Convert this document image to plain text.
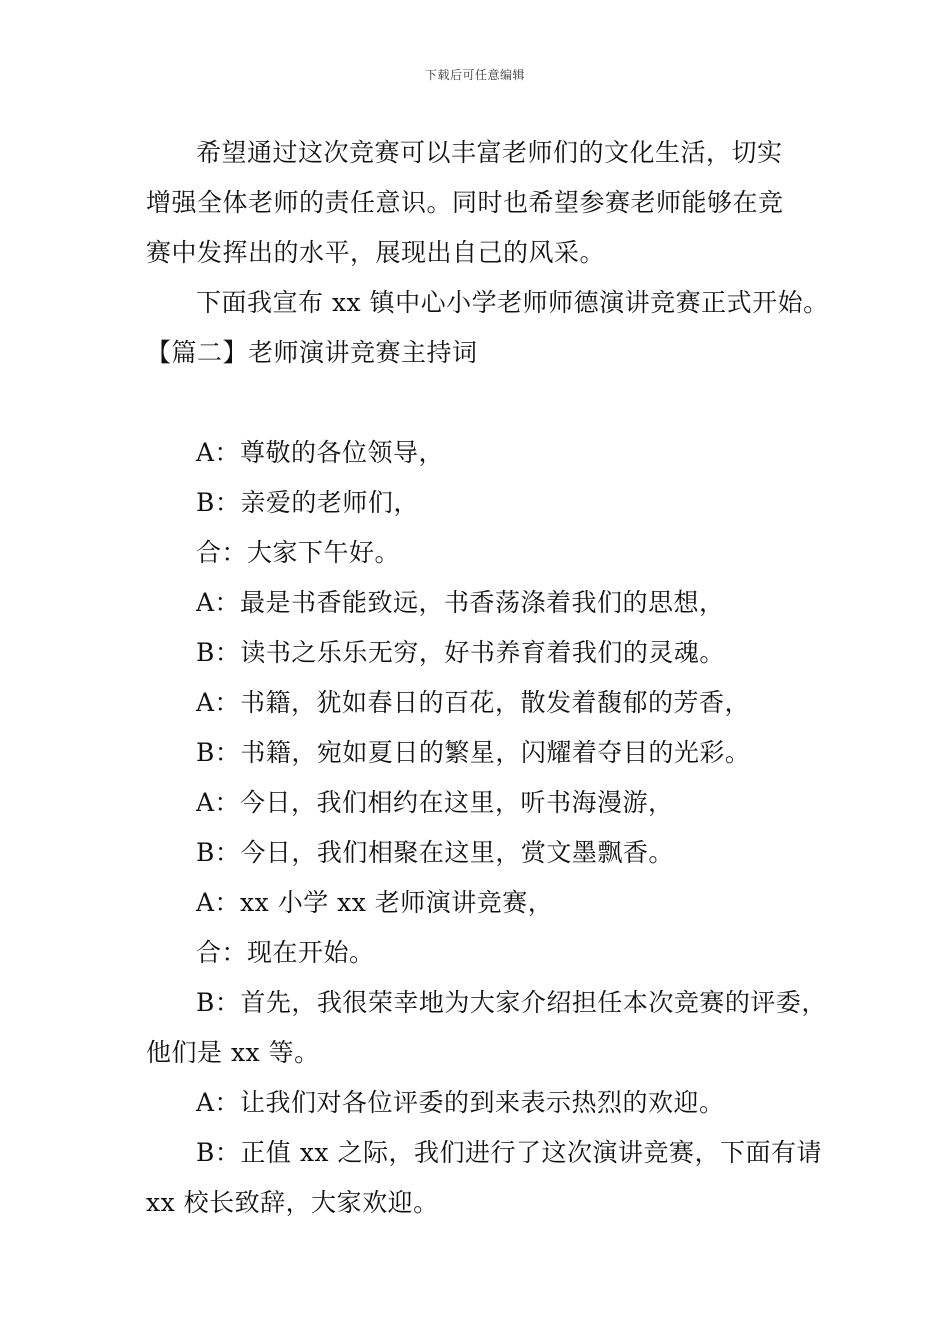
下载后可任意编辑
希望通过这次竞赛可以丰富老师们的文化生活，切实
增强全体老师的责任意识。同时也希望参赛老师能够在竞
赛中发挥出的水平，展现出自己的风采。
下面我宣布 xx 镇中心小学老师师德演讲竞赛正式开始。
【篇二】老师演讲竞赛主持词
A：尊敬的各位领导，
B：亲爱的老师们，
合：大家下午好。
A：最是书香能致远，书香荡涤着我们的思想，
B：读书之乐乐无穷，好书养育着我们的灵魂。
A：书籍，犹如春日的百花，散发着馥郁的芳香，
B：书籍，宛如夏日的繁星，闪耀着夺目的光彩。
A：今日，我们相约在这里，听书海漫游，
B：今日，我们相聚在这里，赏文墨飘香。
A：xx 小学 xx 老师演讲竞赛，
合：现在开始。
B：首先，我很荣幸地为大家介绍担任本次竞赛的评委，
他们是 xx 等。
A：让我们对各位评委的到来表示热烈的欢迎。
B：正值 xx 之际，我们进行了这次演讲竞赛，下面有请
xx 校长致辞，大家欢迎。
